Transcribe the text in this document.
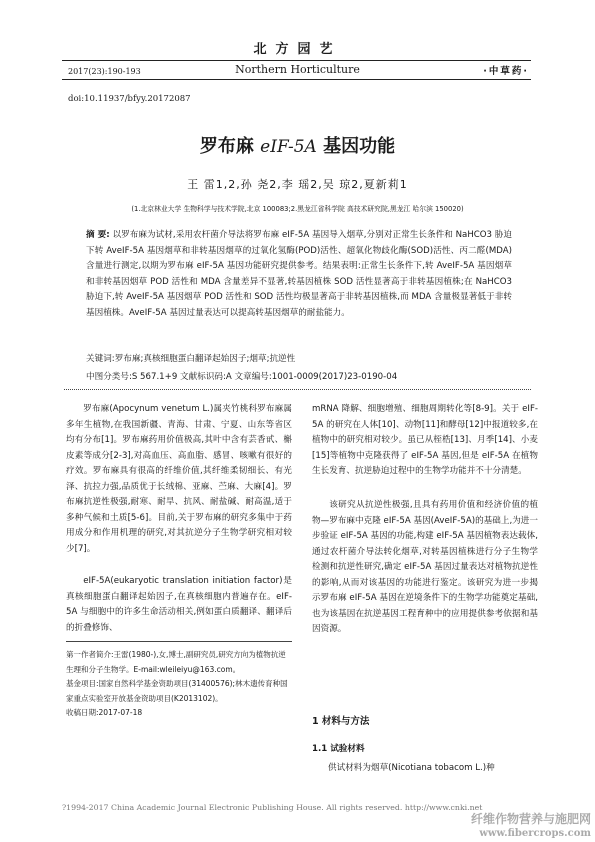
北方园艺
2017(23):190-193	Northern Horticulture	·中草药·
doi:10.11937/bfyy.20172087
罗布麻 eIF-5A 基因功能
王 雷1,2,孙 尧2,李 瑶2,吴 琼2,夏新莉1
(1.北京林业大学 生物科学与技术学院,北京 100083;2.黑龙江省科学院 高技术研究院,黑龙江 哈尔滨 150020)
摘 要: 以罗布麻为试材,采用农杆菌介导法将罗布麻 eIF-5A 基因导入烟草,分别对正常生长条件和 NaHCO3 胁迫下转 AveIF-5A 基因烟草和非转基因烟草的过氧化氢酶(POD)活性、超氧化物歧化酶(SOD)活性、丙二醛(MDA)含量进行测定,以期为罗布麻 eIF-5A 基因功能研究提供参考。结果表明:正常生长条件下,转 AveIF-5A 基因烟草和非转基因烟草 POD 活性和 MDA 含量差异不显著,转基因植株 SOD 活性显著高于非转基因植株;在 NaHCO3 胁迫下,转 AveIF-5A 基因烟草 POD 活性和 SOD 活性均极显著高于非转基因植株,而 MDA 含量极显著低于非转基因植株。AveIF-5A 基因过量表达可以提高转基因烟草的耐盐能力。
关键词:罗布麻;真核细胞蛋白翻译起始因子;烟草;抗逆性
中图分类号:S 567.1+9 文献标识码:A 文章编号:1001-0009(2017)23-0190-04
罗布麻(Apocynum venetum L.)属夹竹桃科罗布麻属多年生植物,在我国新疆、青海、甘肃、宁夏、山东等省区均有分布[1]。罗布麻药用价值极高,其叶中含有芸香甙、槲皮素等成分[2-3],对高血压、高血脂、感冒、咳嗽有很好的疗效。罗布麻具有很高的纤维价值,其纤维柔韧细长、有光泽、抗拉力强,品质优于长绒棉、亚麻、苎麻、大麻[4]。罗布麻抗逆性极强,耐寒、耐旱、抗风、耐盐碱、耐高温,适于多种气候和土质[5-6]。目前,关于罗布麻的研究多集中于药用成分和作用机理的研究,对其抗逆分子生物学研究相对较少[7]。
eIF-5A(eukaryotic translation initiation factor)是真核细胞蛋白翻译起始因子,在真核细胞内普遍存在。eIF-5A 与细胞中的许多生命活动相关,例如蛋白质翻译、翻译后的折叠修饰、
第一作者简介:王雷(1980-),女,博士,副研究员,研究方向为植物抗逆生理和分子生物学。E-mail:wleileiyu@163.com。
基金项目:国家自然科学基金资助项目(31400576);林木遗传育种国家重点实验室开放基金资助项目(K2013102)。
收稿日期:2017-07-18
mRNA 降解、细胞增殖、细胞周期转化等[8-9]。关于 eIF-5A 的研究在人体[10]、动物[11]和酵母[12]中报道较多,在植物中的研究相对较少。虽已从桎梏[13]、月季[14]、小麦[15]等植物中克隆获得了 eIF-5A 基因,但是 eIF-5A 在植物生长发育、抗逆胁迫过程中的生物学功能并不十分清楚。
该研究从抗逆性极强,且具有药用价值和经济价值的植物—罗布麻中克隆 eIF-5A 基因(AveIF-5A)的基础上,为进一步验证 eIF-5A 基因的功能,构建 eIF-5A 基因植物表达载体,通过农杆菌介导法转化烟草,对转基因植株进行分子生物学检测和抗逆性研究,确定 eIF-5A 基因过量表达对植物抗逆性的影响,从而对该基因的功能进行鉴定。该研究为进一步揭示罗布麻 eIF-5A 基因在逆境条件下的生物学功能奠定基础,也为该基因在抗逆基因工程育种中的应用提供参考依据和基因资源。
1 材料与方法
1.1 试验材料
供试材料为烟草(Nicotiana tobacom L.)种
?1994-2017 China Academic Journal Electronic Publishing House. All rights reserved. http://www.cnki.net
纤维作物营养与施肥网
www.fibercrops.com
